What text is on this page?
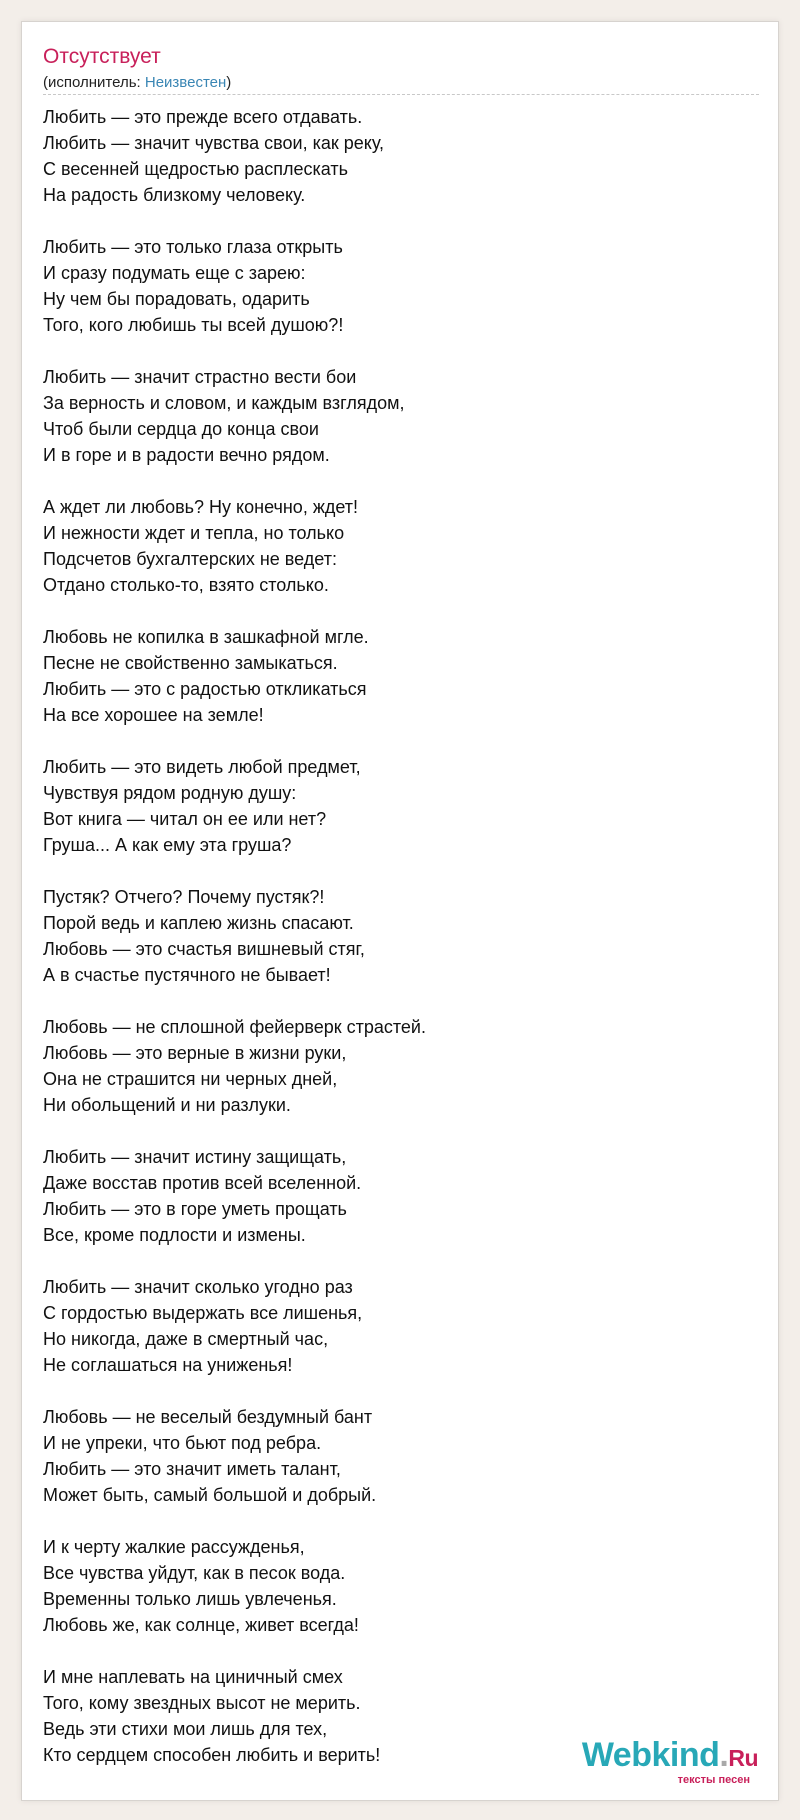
Отсутствует
(исполнитель: Неизвестен)
Любить — это прежде всего отдавать.
Любить — значит чувства свои, как реку,
С весенней щедростью расплескать
На радость близкому человеку.
Любить — это только глаза открыть
И сразу подумать еще с зарею:
Ну чем бы порадовать, одарить
Того, кого любишь ты всей душою?!
Любить — значит страстно вести бои
За верность и словом, и каждым взглядом,
Чтоб были сердца до конца свои
И в горе и в радости вечно рядом.
А ждет ли любовь? Ну конечно, ждет!
И нежности ждет и тепла, но только
Подсчетов бухгалтерских не ведет:
Отдано столько-то, взято столько.
Любовь не копилка в зашкафной мгле.
Песне не свойственно замыкаться.
Любить — это с радостью откликаться
На все хорошее на земле!
Любить — это видеть любой предмет,
Чувствуя рядом родную душу:
Вот книга — читал он ее или нет?
Груша... А как ему эта груша?
Пустяк? Отчего? Почему пустяк?!
Порой ведь и каплею жизнь спасают.
Любовь — это счастья вишневый стяг,
А в счастье пустячного не бывает!
Любовь — не сплошной фейерверк страстей.
Любовь — это верные в жизни руки,
Она не страшится ни черных дней,
Ни обольщений и ни разлуки.
Любить — значит истину защищать,
Даже восстав против всей вселенной.
Любить — это в горе уметь прощать
Все, кроме подлости и измены.
Любить — значит сколько угодно раз
С гордостью выдержать все лишенья,
Но никогда, даже в смертный час,
Не соглашаться на униженья!
Любовь — не веселый бездумный бант
И не упреки, что бьют под ребра.
Любить — это значит иметь талант,
Может быть, самый большой и добрый.
И к черту жалкие рассужденья,
Все чувства уйдут, как в песок вода.
Временны только лишь увлеченья.
Любовь же, как солнце, живет всегда!
И мне наплевать на циничный смех
Того, кому звездных высот не мерить.
Ведь эти стихи мои лишь для тех,
Кто сердцем способен любить и верить!	Webkind.Ru
тексты песен
